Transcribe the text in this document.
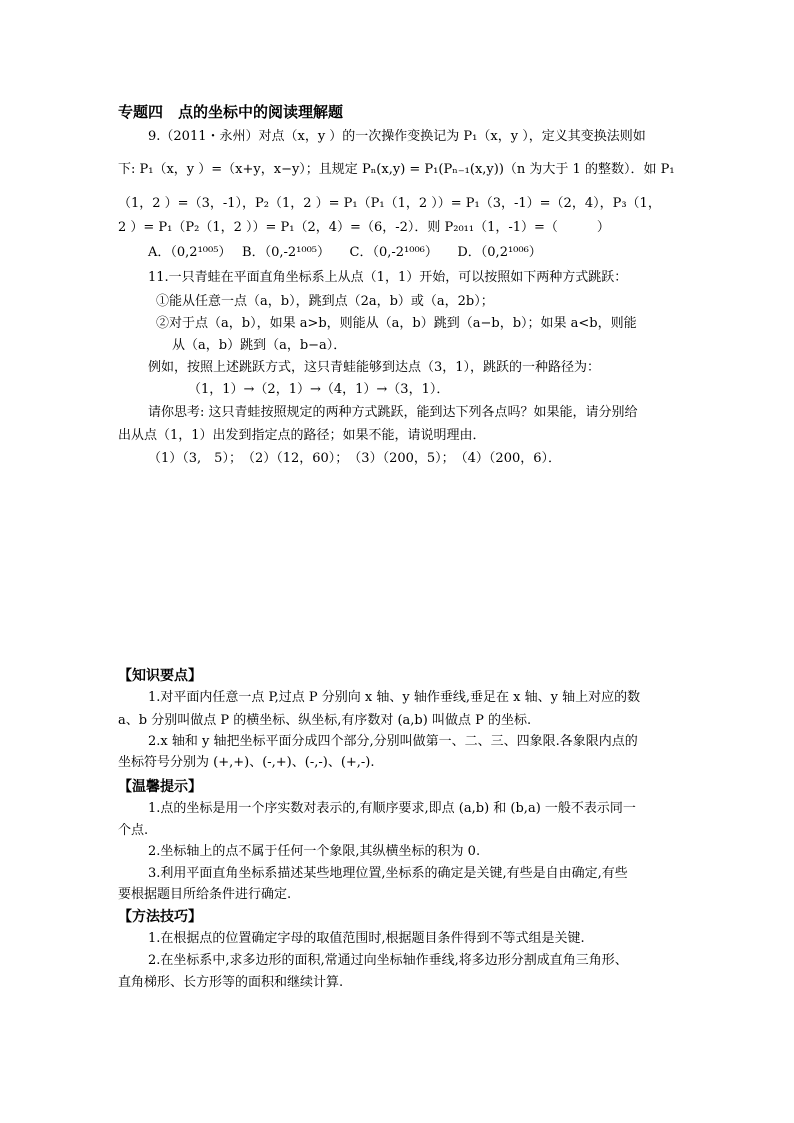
专题四　点的坐标中的阅读理解题
9.（2011・永州）对点（x，y ）的一次操作变换记为 P₁（x，y ），定义其变换法则如
下: P₁（x，y ）=（x+y，x−y）；且规定 Pₙ(x,y) = P₁(Pₙ₋₁(x,y))（n 为大于 1 的整数）．如 P₁
（1，2 ）=（3，-1），P₂（1，2 ）= P₁（P₁（1，2 ））= P₁（3，-1）=（2，4），P₃（1，
2 ）= P₁（P₂（1，2 ））= P₁（2，4）=（6，-2）．则 P₂₀₁₁（1，-1）=（　　　）
A．（0,2¹⁰⁰⁵）　 B．（0,-2¹⁰⁰⁵）　　C．（0,-2¹⁰⁰⁶）　　D．（0,2¹⁰⁰⁶）
11.一只青蛙在平面直角坐标系上从点（1，1）开始，可以按照如下两种方式跳跃：
①能从任意一点（a，b），跳到点（2a，b）或（a，2b）；
②对于点（a，b），如果 a>b，则能从（a，b）跳到（a−b，b）；如果 a<b，则能
从（a，b）跳到（a，b−a）．
例如，按照上述跳跃方式，这只青蛙能够到达点（3，1），跳跃的一种路径为：
（1，1）→（2，1）→（4，1）→（3，1）．
请你思考: 这只青蛙按照规定的两种方式跳跃，能到达下列各点吗？如果能，请分别给
出从点（1，1）出发到指定点的路径；如果不能，请说明理由．
（1）（3,　5）；　（2）（12，60）；　（3）（200，5）；　（4）（200，6）．
【知识要点】
1.对平面内任意一点 P,过点 P 分别向 x 轴、y 轴作垂线,垂足在 x 轴、y 轴上对应的数
a、b 分别叫做点 P 的横坐标、纵坐标,有序数对 (a,b) 叫做点 P 的坐标.
2.x 轴和 y 轴把坐标平面分成四个部分,分别叫做第一、二、三、四象限.各象限内点的
坐标符号分别为 (+,+)、(-,+)、(-,-)、(+,-).
【温馨提示】
1.点的坐标是用一个序实数对表示的,有顺序要求,即点 (a,b) 和 (b,a) 一般不表示同一
个点.
2.坐标轴上的点不属于任何一个象限,其纵横坐标的积为 0.
3.利用平面直角坐标系描述某些地理位置,坐标系的确定是关键,有些是自由确定,有些
要根据题目所给条件进行确定.
【方法技巧】
1.在根据点的位置确定字母的取值范围时,根据题目条件得到不等式组是关键.
2.在坐标系中,求多边形的面积,常通过向坐标轴作垂线,将多边形分割成直角三角形、
直角梯形、长方形等的面积和继续计算.
